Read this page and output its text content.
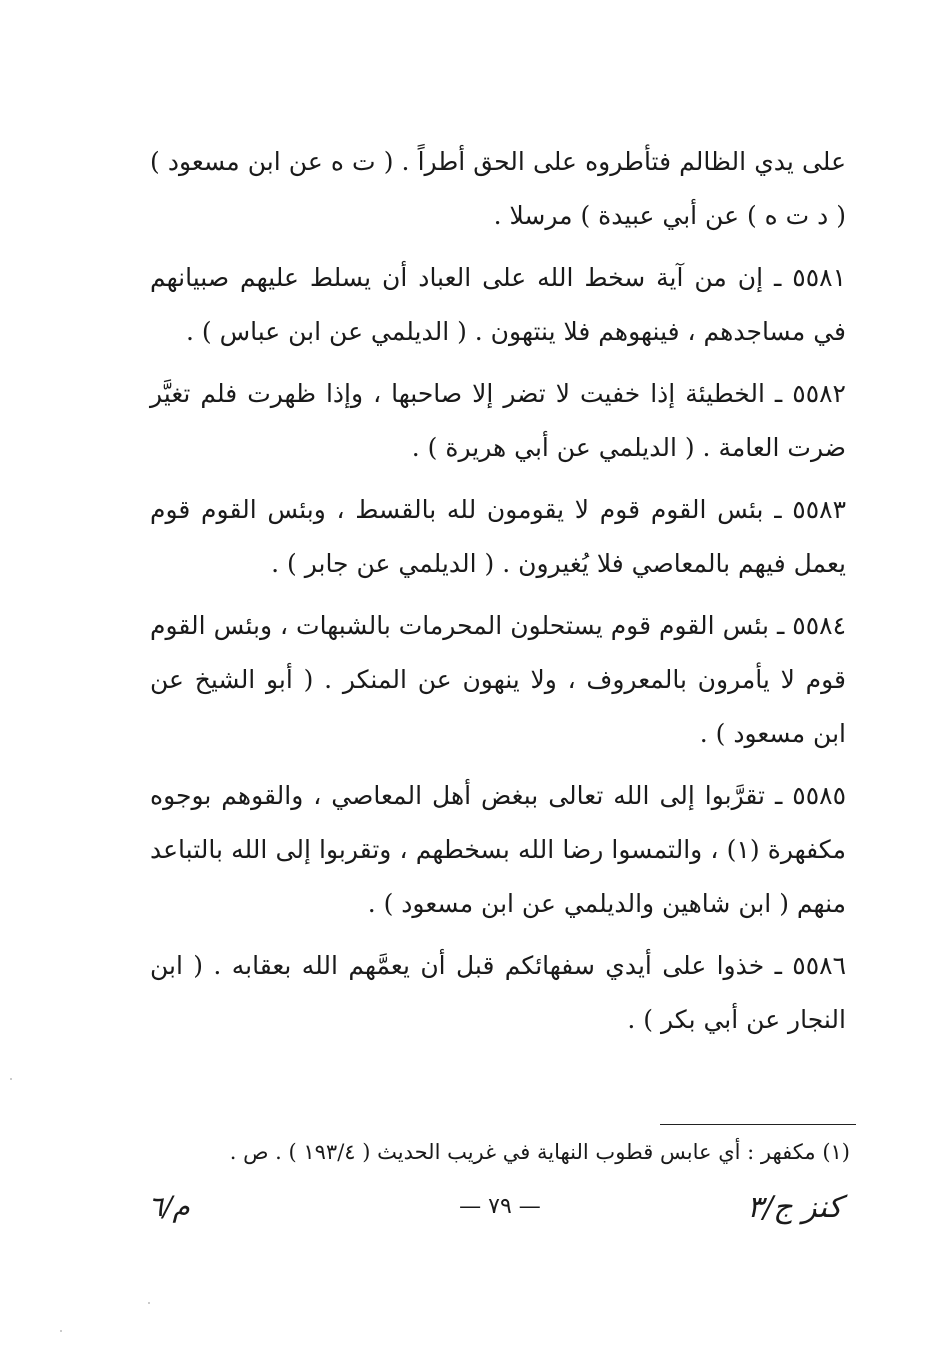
على يدي الظالم فتأطروه على الحق أطراً . ( ت ه عن ابن مسعود ) ( د ت ه ) عن أبي عبيدة ) مرسلا .

٥٥٨١ ـ إن من آية سخط الله على العباد أن يسلط عليهم صبيانهم في مساجدهم ، فينهوهم فلا ينتهون . ( الديلمي عن ابن عباس ) .

٥٥٨٢ ـ الخطيئة إذا خفيت لا تضر إلا صاحبها ، وإذا ظهرت فلم تغيَّر ضرت العامة . ( الديلمي عن أبي هريرة ) .

٥٥٨٣ ـ بئس القوم قوم لا يقومون لله بالقسط ، وبئس القوم قوم يعمل فيهم بالمعاصي فلا يُغيرون . ( الديلمي عن جابر ) .

٥٥٨٤ ـ بئس القوم قوم يستحلون المحرمات بالشبهات ، وبئس القوم قوم لا يأمرون بالمعروف ، ولا ينهون عن المنكر . ( أبو الشيخ عن ابن مسعود ) .

٥٥٨٥ ـ تقرَّبوا إلى الله تعالى ببغض أهل المعاصي ، والقوهم بوجوه مكفهرة (١) ، والتمسوا رضا الله بسخطهم ، وتقربوا إلى الله بالتباعد منهم ( ابن شاهين والديلمي عن ابن مسعود ) .

٥٥٨٦ ـ خذوا على أيدي سفهائكم قبل أن يعمَّهم الله بعقابه . ( ابن النجار عن أبي بكر ) .

(١) مكفهر : أي عابس قطوب النهاية في غريب الحديث ( ١٩٣/٤ ) . ص .
كنز ج/٣
— ٧٩ —
م/٦
